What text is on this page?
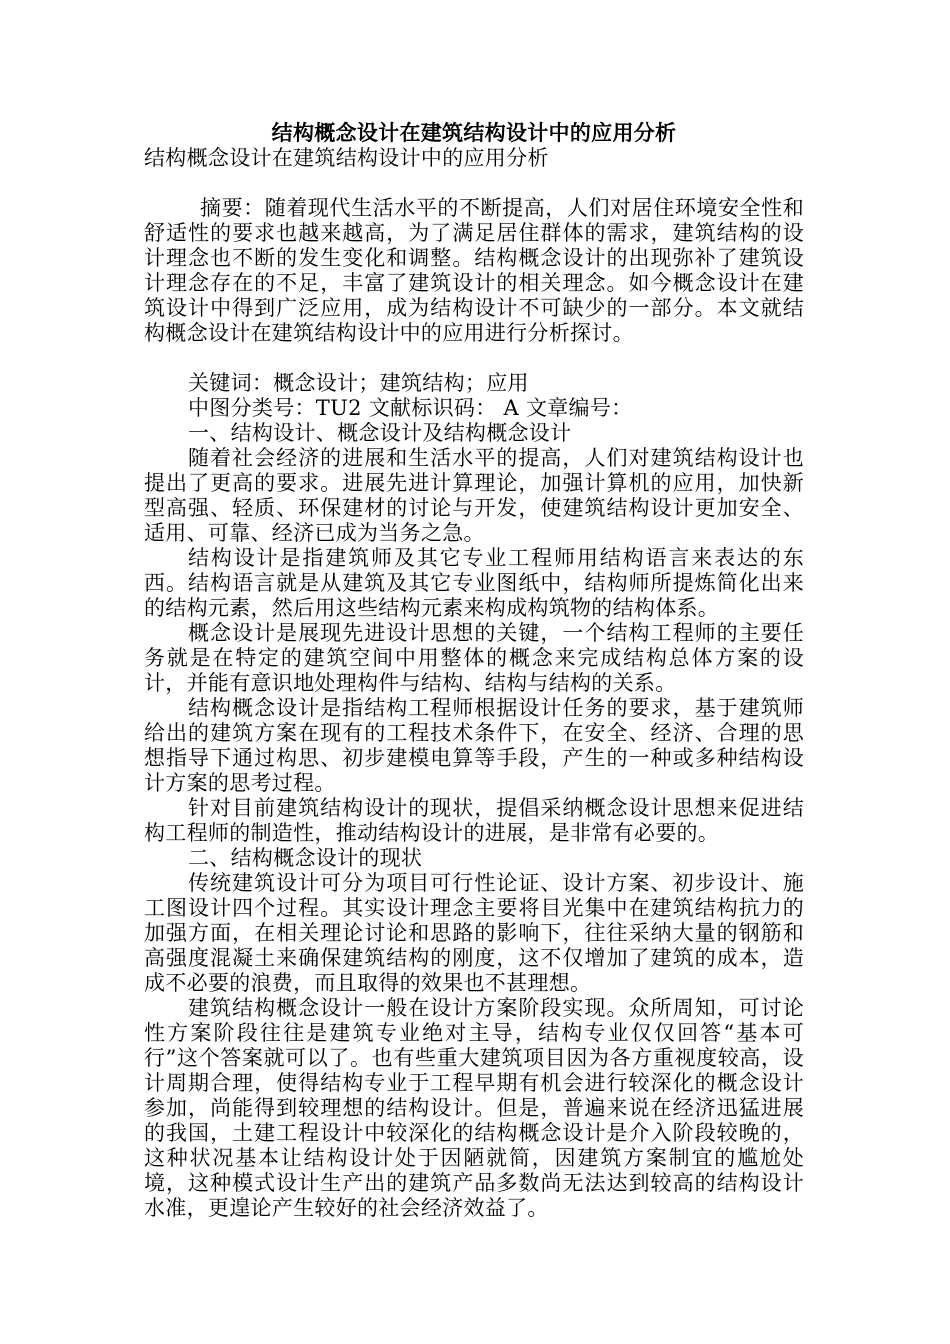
结构概念设计在建筑结构设计中的应用分析

结构概念设计在建筑结构设计中的应用分析

摘要：随着现代生活水平的不断提高，人们对居住环境安全性和舒适性的要求也越来越高，为了满足居住群体的需求，建筑结构的设计理念也不断的发生变化和调整。结构概念设计的出现弥补了建筑设计理念存在的不足，丰富了建筑设计的相关理念。如今概念设计在建筑设计中得到广泛应用，成为结构设计不可缺少的一部分。本文就结构概念设计在建筑结构设计中的应用进行分析探讨。

关键词：概念设计；建筑结构；应用

中图分类号：TU2 文献标识码： A 文章编号：

一、结构设计、概念设计及结构概念设计

随着社会经济的进展和生活水平的提高，人们对建筑结构设计也提出了更高的要求。进展先进计算理论，加强计算机的应用，加快新型高强、轻质、环保建材的讨论与开发，使建筑结构设计更加安全、适用、可靠、经济已成为当务之急。

结构设计是指建筑师及其它专业工程师用结构语言来表达的东西。结构语言就是从建筑及其它专业图纸中，结构师所提炼简化出来的结构元素，然后用这些结构元素来构成构筑物的结构体系。

概念设计是展现先进设计思想的关键，一个结构工程师的主要任务就是在特定的建筑空间中用整体的概念来完成结构总体方案的设计，并能有意识地处理构件与结构、结构与结构的关系。

结构概念设计是指结构工程师根据设计任务的要求，基于建筑师给出的建筑方案在现有的工程技术条件下，在安全、经济、合理的思想指导下通过构思、初步建模电算等手段，产生的一种或多种结构设计方案的思考过程。

针对目前建筑结构设计的现状，提倡采纳概念设计思想来促进结构工程师的制造性，推动结构设计的进展，是非常有必要的。

二、结构概念设计的现状

传统建筑设计可分为项目可行性论证、设计方案、初步设计、施工图设计四个过程。其实设计理念主要将目光集中在建筑结构抗力的加强方面，在相关理论讨论和思路的影响下，往往采纳大量的钢筋和高强度混凝土来确保建筑结构的刚度，这不仅增加了建筑的成本，造成不必要的浪费，而且取得的效果也不甚理想。

建筑结构概念设计一般在设计方案阶段实现。众所周知，可讨论性方案阶段往往是建筑专业绝对主导，结构专业仅仅回答“基本可行”这个答案就可以了。也有些重大建筑项目因为各方重视度较高，设计周期合理，使得结构专业于工程早期有机会进行较深化的概念设计参加，尚能得到较理想的结构设计。但是，普遍来说在经济迅猛进展的我国，土建工程设计中较深化的结构概念设计是介入阶段较晚的，这种状况基本让结构设计处于因陋就简，因建筑方案制宜的尴尬处境，这种模式设计生产出的建筑产品多数尚无法达到较高的结构设计水准，更遑论产生较好的社会经济效益了。
